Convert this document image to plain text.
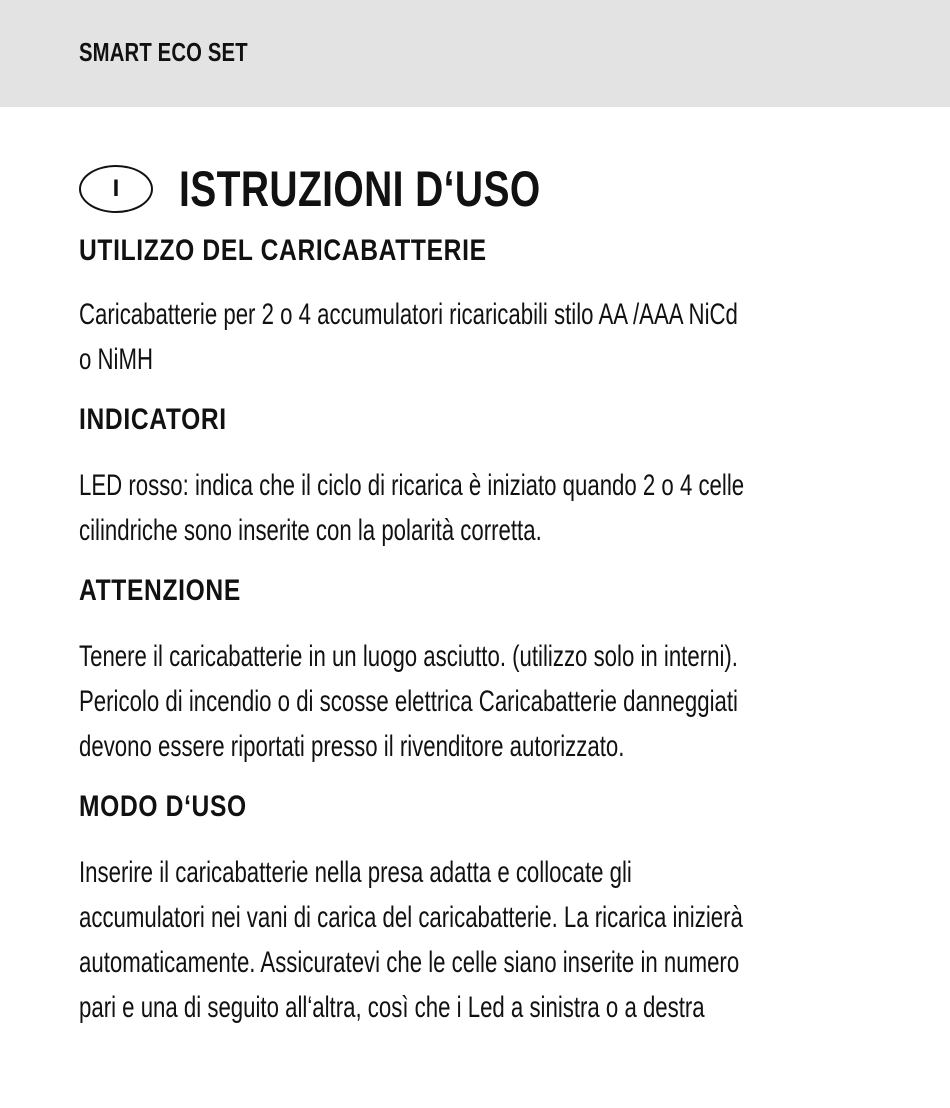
SMART ECO SET
I	ISTRUZIONI D‘USO
UTILIZZO DEL CARICABATTERIE

Caricabatterie per 2 o 4 accumulatori ricaricabili stilo AA /AAA NiCd
o NiMH

INDICATORI

LED rosso: indica che il ciclo di ricarica è iniziato quando 2 o 4 celle
cilindriche sono inserite con la polarità corretta.

ATTENZIONE

Tenere il caricabatterie in un luogo asciutto. (utilizzo solo in interni).
Pericolo di incendio o di scosse elettrica Caricabatterie danneggiati
devono essere riportati presso il rivenditore autorizzato.

MODO D‘USO

Inserire il caricabatterie nella presa adatta e collocate gli
accumulatori nei vani di carica del caricabatterie. La ricarica inizierà
automaticamente. Assicuratevi che le celle siano inserite in numero
pari e una di seguito all‘altra, così che i Led a sinistra o a destra
